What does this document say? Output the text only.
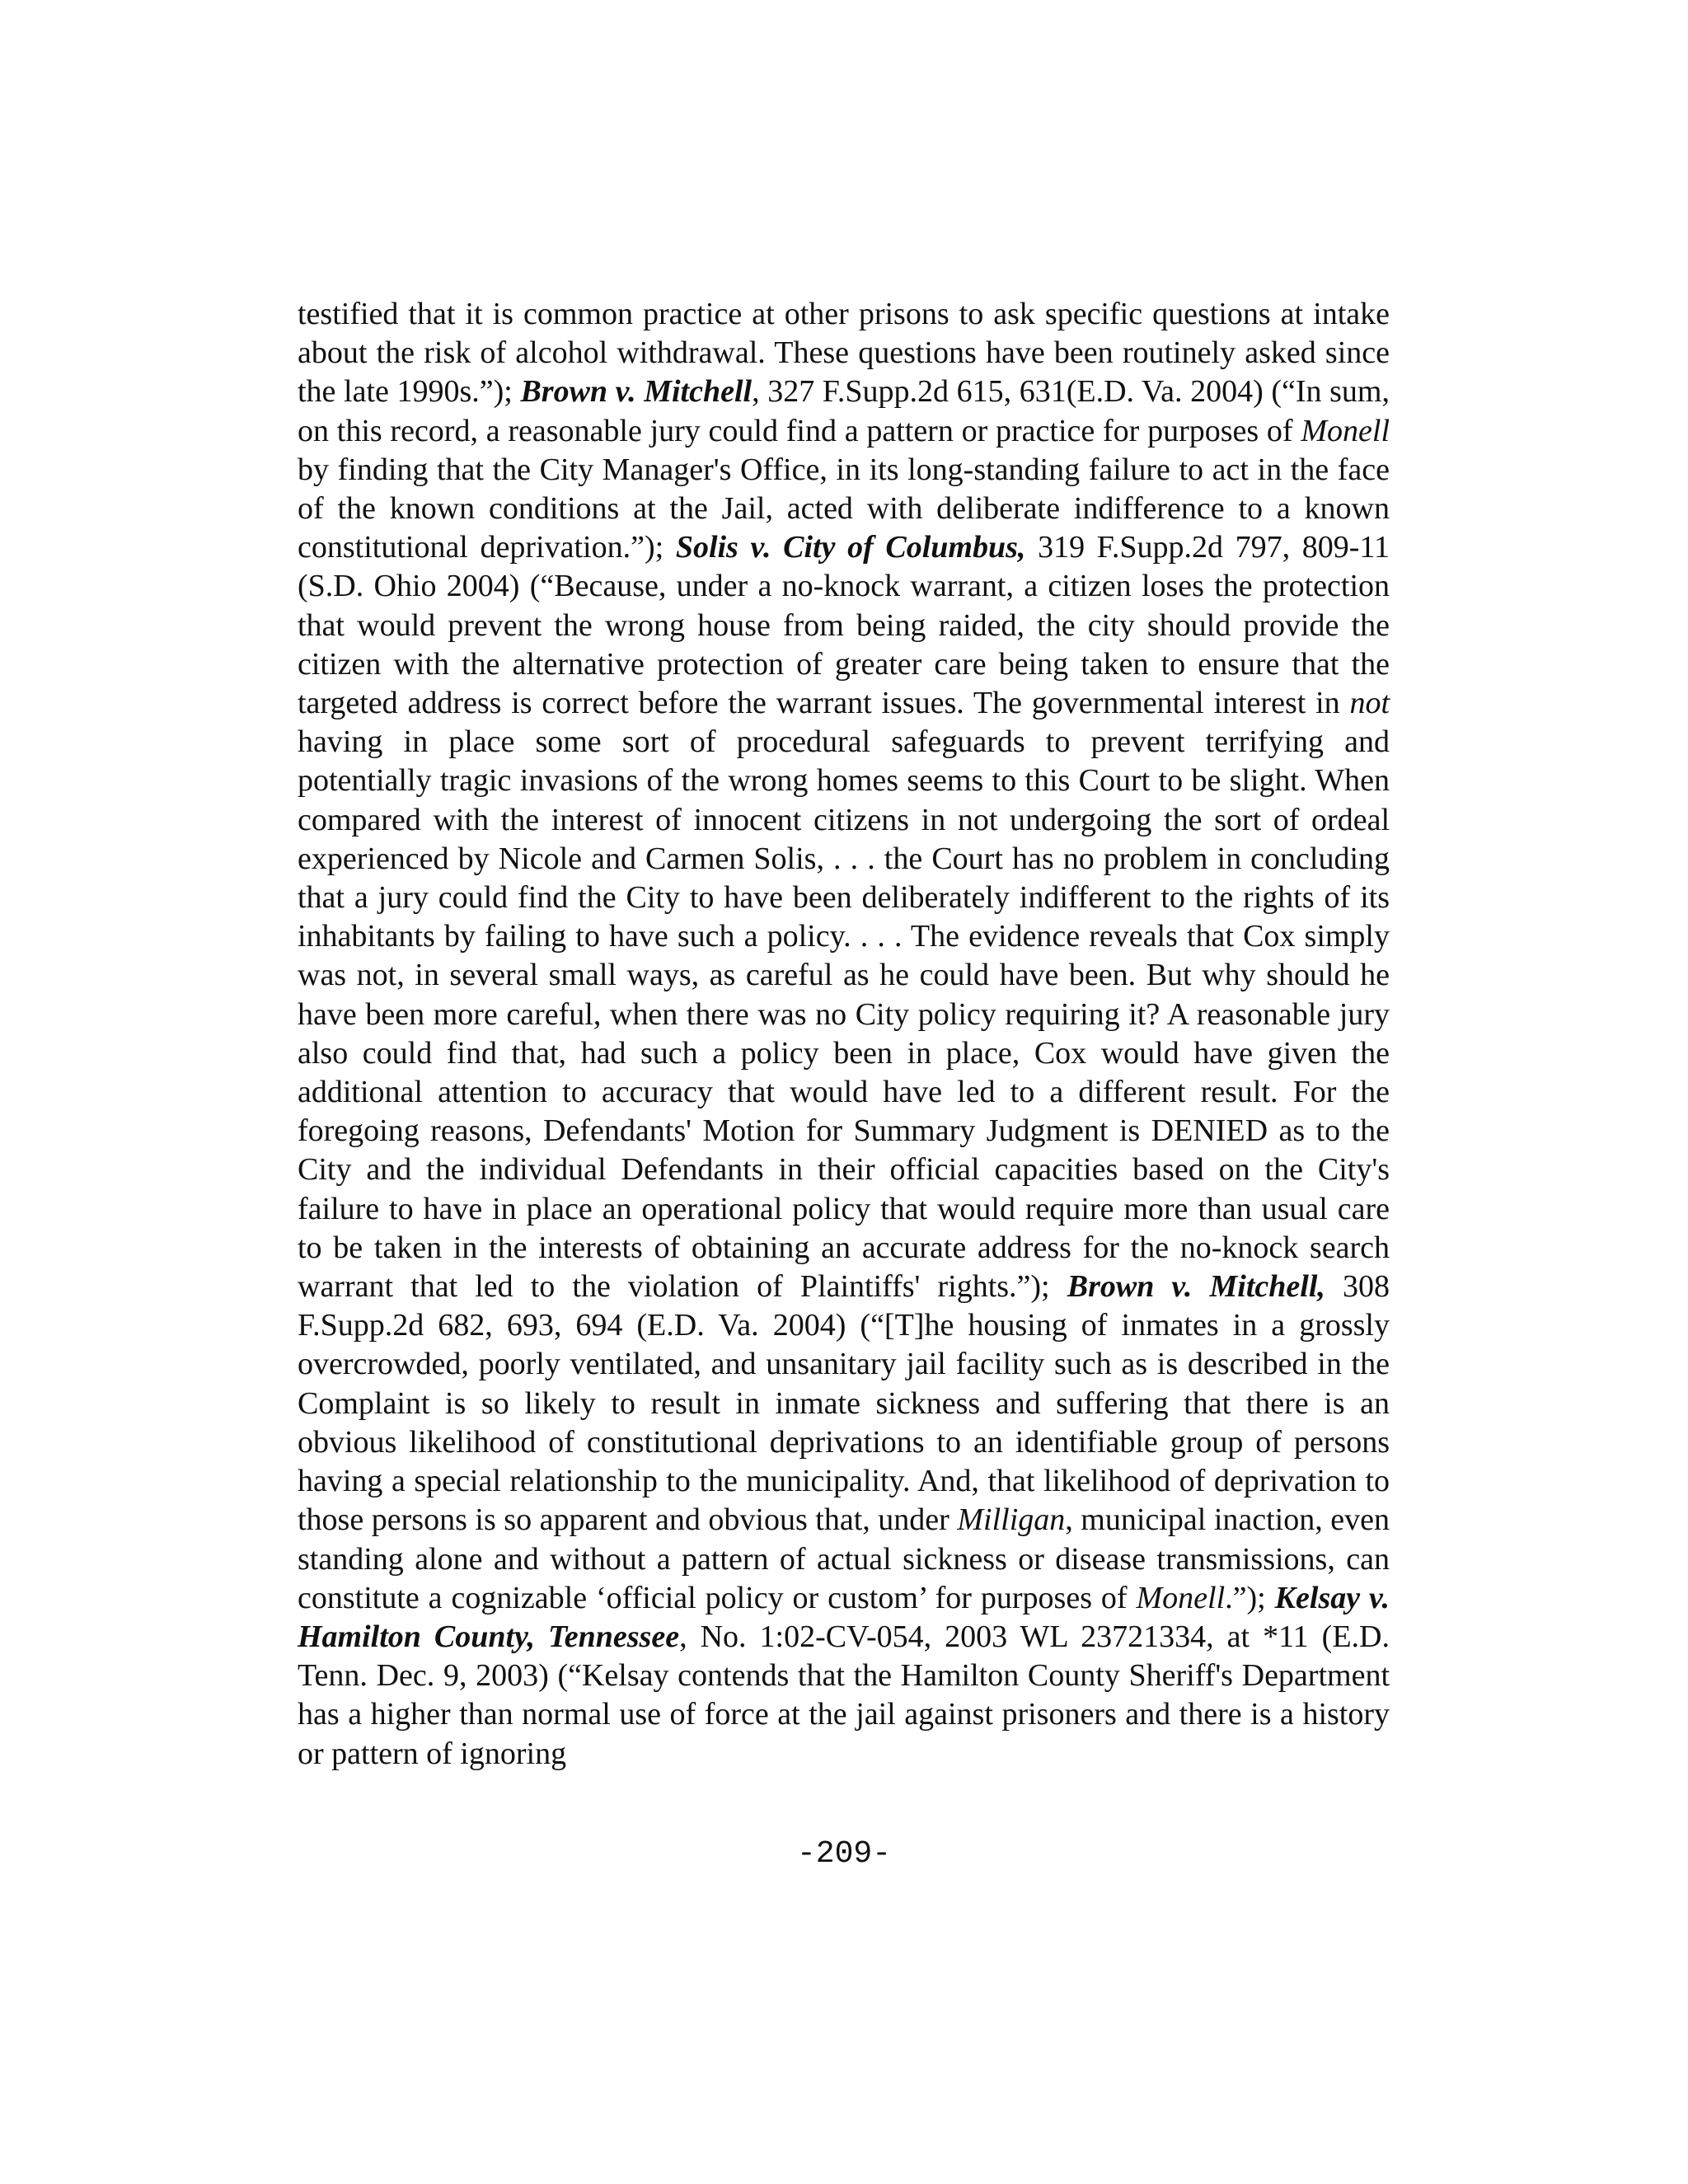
testified that it is common practice at other prisons to ask specific questions at intake about the risk of alcohol withdrawal. These questions have been routinely asked since the late 1990s.”); Brown v. Mitchell, 327 F.Supp.2d 615, 631(E.D. Va. 2004) (“In sum, on this record, a reasonable jury could find a pattern or practice for purposes of Monell by finding that the City Manager's Office, in its long-standing failure to act in the face of the known conditions at the Jail, acted with deliberate indifference to a known constitutional deprivation.”); Solis v. City of Columbus, 319 F.Supp.2d 797, 809-11 (S.D. Ohio 2004) (“Because, under a no-knock warrant, a citizen loses the protection that would prevent the wrong house from being raided, the city should provide the citizen with the alternative protection of greater care being taken to ensure that the targeted address is correct before the warrant issues. The governmental interest in not having in place some sort of procedural safeguards to prevent terrifying and potentially tragic invasions of the wrong homes seems to this Court to be slight. When compared with the interest of innocent citizens in not undergoing the sort of ordeal experienced by Nicole and Carmen Solis, . . . the Court has no problem in concluding that a jury could find the City to have been deliberately indifferent to the rights of its inhabitants by failing to have such a policy. . . . The evidence reveals that Cox simply was not, in several small ways, as careful as he could have been. But why should he have been more careful, when there was no City policy requiring it? A reasonable jury also could find that, had such a policy been in place, Cox would have given the additional attention to accuracy that would have led to a different result. For the foregoing reasons, Defendants' Motion for Summary Judgment is DENIED as to the City and the individual Defendants in their official capacities based on the City's failure to have in place an operational policy that would require more than usual care to be taken in the interests of obtaining an accurate address for the no-knock search warrant that led to the violation of Plaintiffs' rights.”); Brown v. Mitchell, 308 F.Supp.2d 682, 693, 694 (E.D. Va. 2004) (“[T]he housing of inmates in a grossly overcrowded, poorly ventilated, and unsanitary jail facility such as is described in the Complaint is so likely to result in inmate sickness and suffering that there is an obvious likelihood of constitutional deprivations to an identifiable group of persons having a special relationship to the municipality. And, that likelihood of deprivation to those persons is so apparent and obvious that, under Milligan, municipal inaction, even standing alone and without a pattern of actual sickness or disease transmissions, can constitute a cognizable ‘official policy or custom’ for purposes of Monell.”); Kelsay v. Hamilton County, Tennessee, No. 1:02-CV-054, 2003 WL 23721334, at *11 (E.D. Tenn. Dec. 9, 2003) (“Kelsay contends that the Hamilton County Sheriff's Department has a higher than normal use of force at the jail against prisoners and there is a history or pattern of ignoring

-209-
